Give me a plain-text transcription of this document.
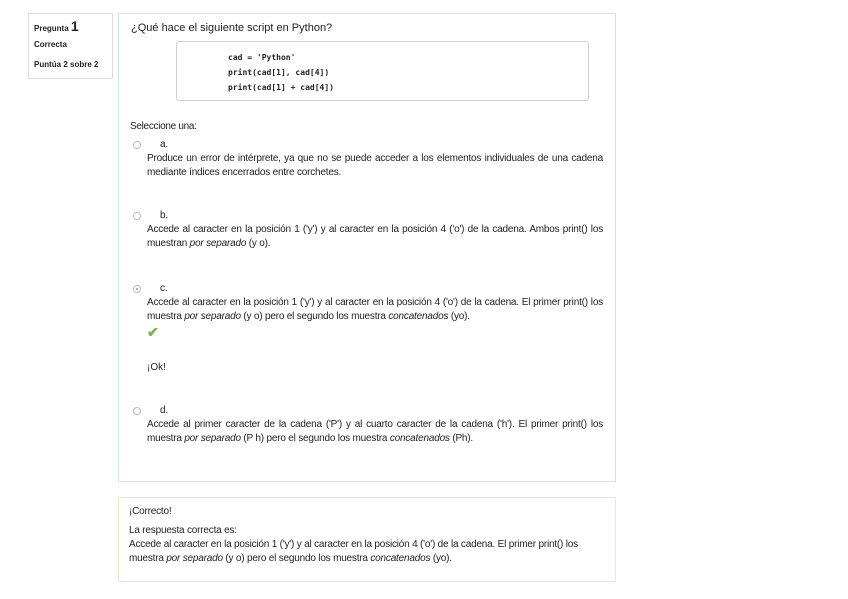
Pregunta 1
Correcta
Puntúa 2 sobre 2
¿Qué hace el siguiente script en Python?
cad = 'Python'
print(cad[1], cad[4])
print(cad[1] + cad[4])
Seleccione una:
a.
Produce un error de intérprete, ya que no se puede acceder a los elementos individuales de una cadena mediante índices encerrados entre corchetes.
b.
Accede al caracter en la posición 1 ('y') y al caracter en la posición 4 ('o') de la cadena. Ambos print() los muestran por separado (y o).
c.
Accede al caracter en la posición 1 ('y') y al caracter en la posición 4 ('o') de la cadena. El primer print() los muestra por separado (y o) pero el segundo los muestra concatenados (yo).
✔
¡Ok!
d.
Accede al primer caracter de la cadena ('P') y al cuarto caracter de la cadena ('h'). El primer print() los muestra por separado (P h) pero el segundo los muestra concatenados (Ph).
¡Correcto!
La respuesta correcta es:
Accede al caracter en la posición 1 ('y') y al caracter en la posición 4 ('o') de la cadena. El primer print() los muestra por separado (y o) pero el segundo los muestra concatenados (yo).
